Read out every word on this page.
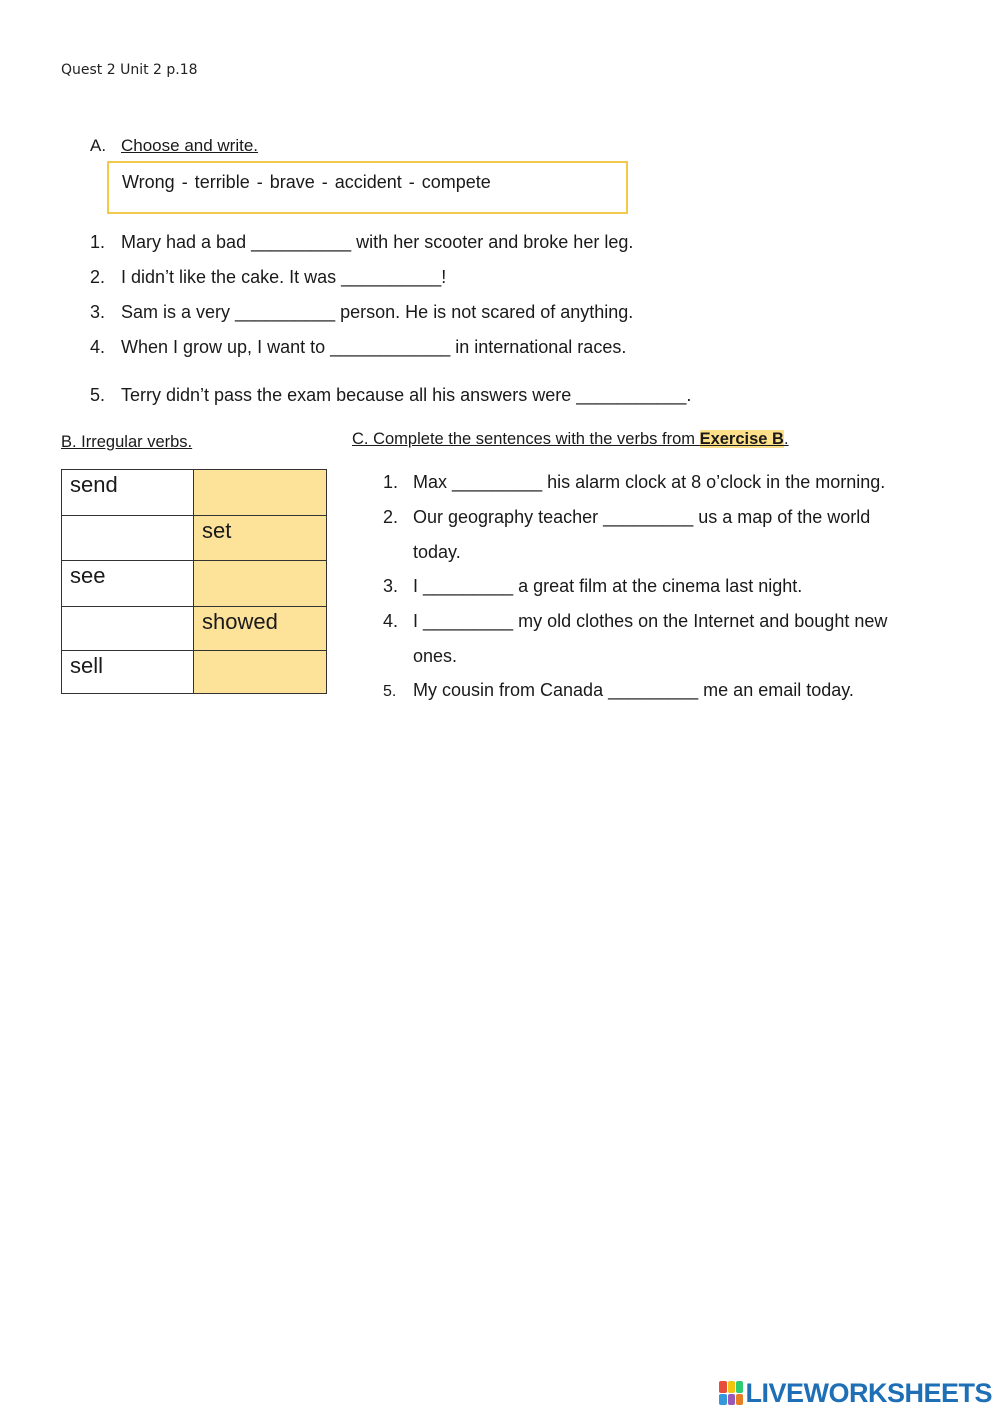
Quest 2 Unit 2 p.18
A. Choose and write.
Wrong - terrible - brave - accident - compete
1. Mary had a bad __________ with her scooter and broke her leg.
2. I didn’t like the cake. It was __________!
3. Sam is a very __________ person. He is not scared of anything.
4. When I grow up, I want to ____________ in international races.
5. Terry didn’t pass the exam because all his answers were ___________.
B. Irregular verbs.	C. Complete the sentences with the verbs from Exercise B.
send	
	set
see	
	showed
sell	
1. Max _________ his alarm clock at 8 o’clock in the morning.
2. Our geography teacher _________ us a map of the world
today.
3. I _________ a great film at the cinema last night.
4. I _________ my old clothes on the Internet and bought new
ones.
5. My cousin from Canada _________ me an email today.
LIVEWORKSHEETS
